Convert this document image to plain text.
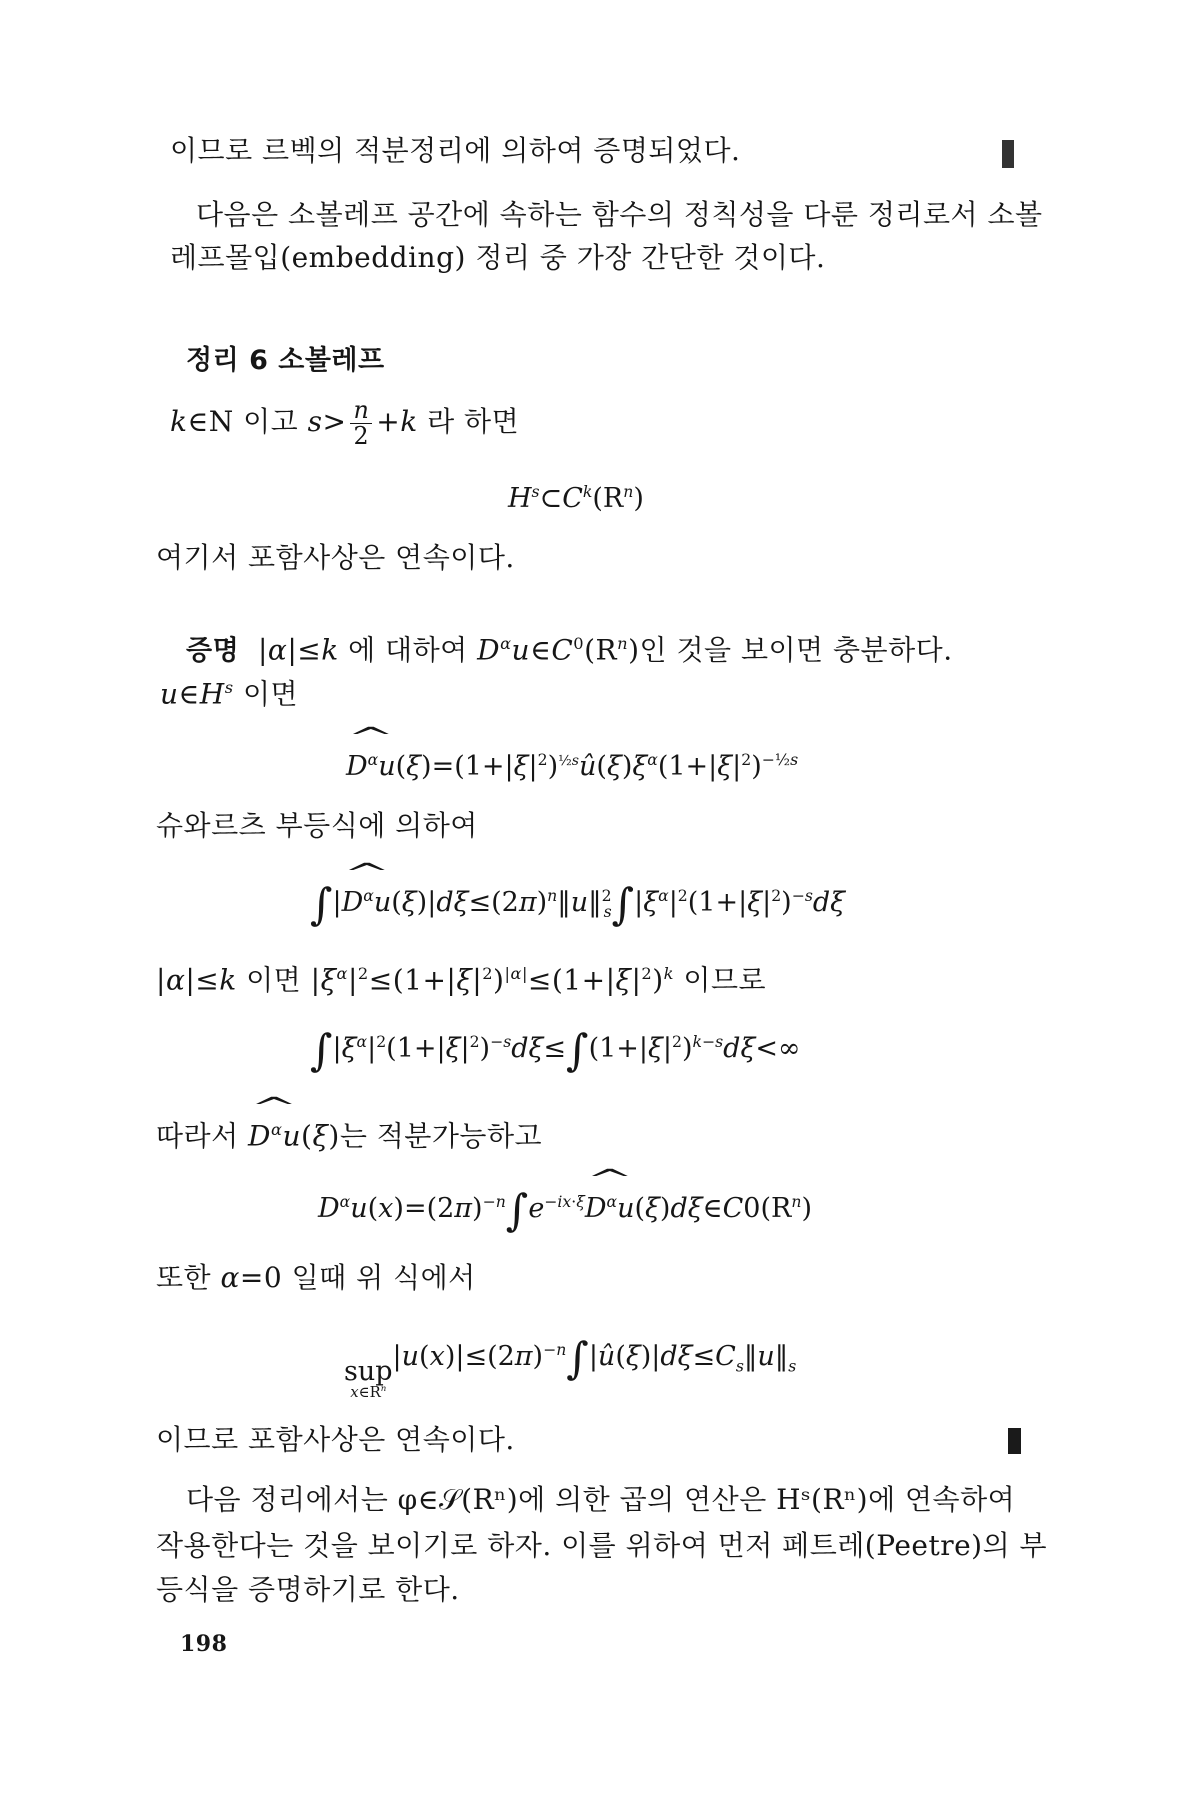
이므로 르벡의 적분정리에 의하여 증명되었다.
다음은 소볼레프 공간에 속하는 함수의 정칙성을 다룬 정리로서 소볼
레프몰입(embedding) 정리 중 가장 간단한 것이다.
정리 6 소볼레프
k∈N 이고 $s> \frac{n}{2} +k$ 라 하면
$H^s\subset C^k(R^n)$
여기서 포함사상은 연속이다.
증명  |α|≤k 에 대하여 $D^\alpha u\in C^0(R^n)$인 것을 보이면 충분하다.
$u\in H^s$ 이면
^ $D^\alpha u(\xi)=(1+|\xi|^2)^{\frac{1}{2}s}û(\xi)\xi^\alpha(1+|\xi|^2)^{-\frac{1}{2}s}$
슈와르츠 부등식에 의하여
∫|^ $D^\alpha u(\xi)|d\xi\le(2\pi)^n‖u‖^2_s\int|\xi^\alpha|^2(1+|\xi|^2)^{-s}d\xi$
|α|≤k 이면 $|\xi^\alpha|^2\le(1+|\xi|^2)^{|\alpha|}\le(1+|\xi|^2)^k$ 이므로
$\int|\xi^\alpha|^2(1+|\xi|^2)^{-s}d\xi\le\int(1+|\xi|^2)^{k-s}d\xi<\infty$
따라서 ^ $D^\alpha u(\xi)$는 적분가능하고
$D^\alpha u(x)=(2\pi)^{-n}\int e^{-ix\cdot\xi}\^{}$ $D^\alpha u(\xi)d\xi\in C0(R^n)$
또한 α=0 일때 위 식에서
sup
$x\in R^n$
$|u(x)|\le(2\pi)^{-n}\int|û(\xi)|d\xi\le C_s‖u‖_s$
이므로 포함사상은 연속이다.
다음 정리에서는 φ∈𝒮(Rⁿ)에 의한 곱의 연산은 Hˢ(Rⁿ)에 연속하여
작용한다는 것을 보이기로 하자. 이를 위하여 먼저 페트레(Peetre)의 부
등식을 증명하기로 한다.
198
